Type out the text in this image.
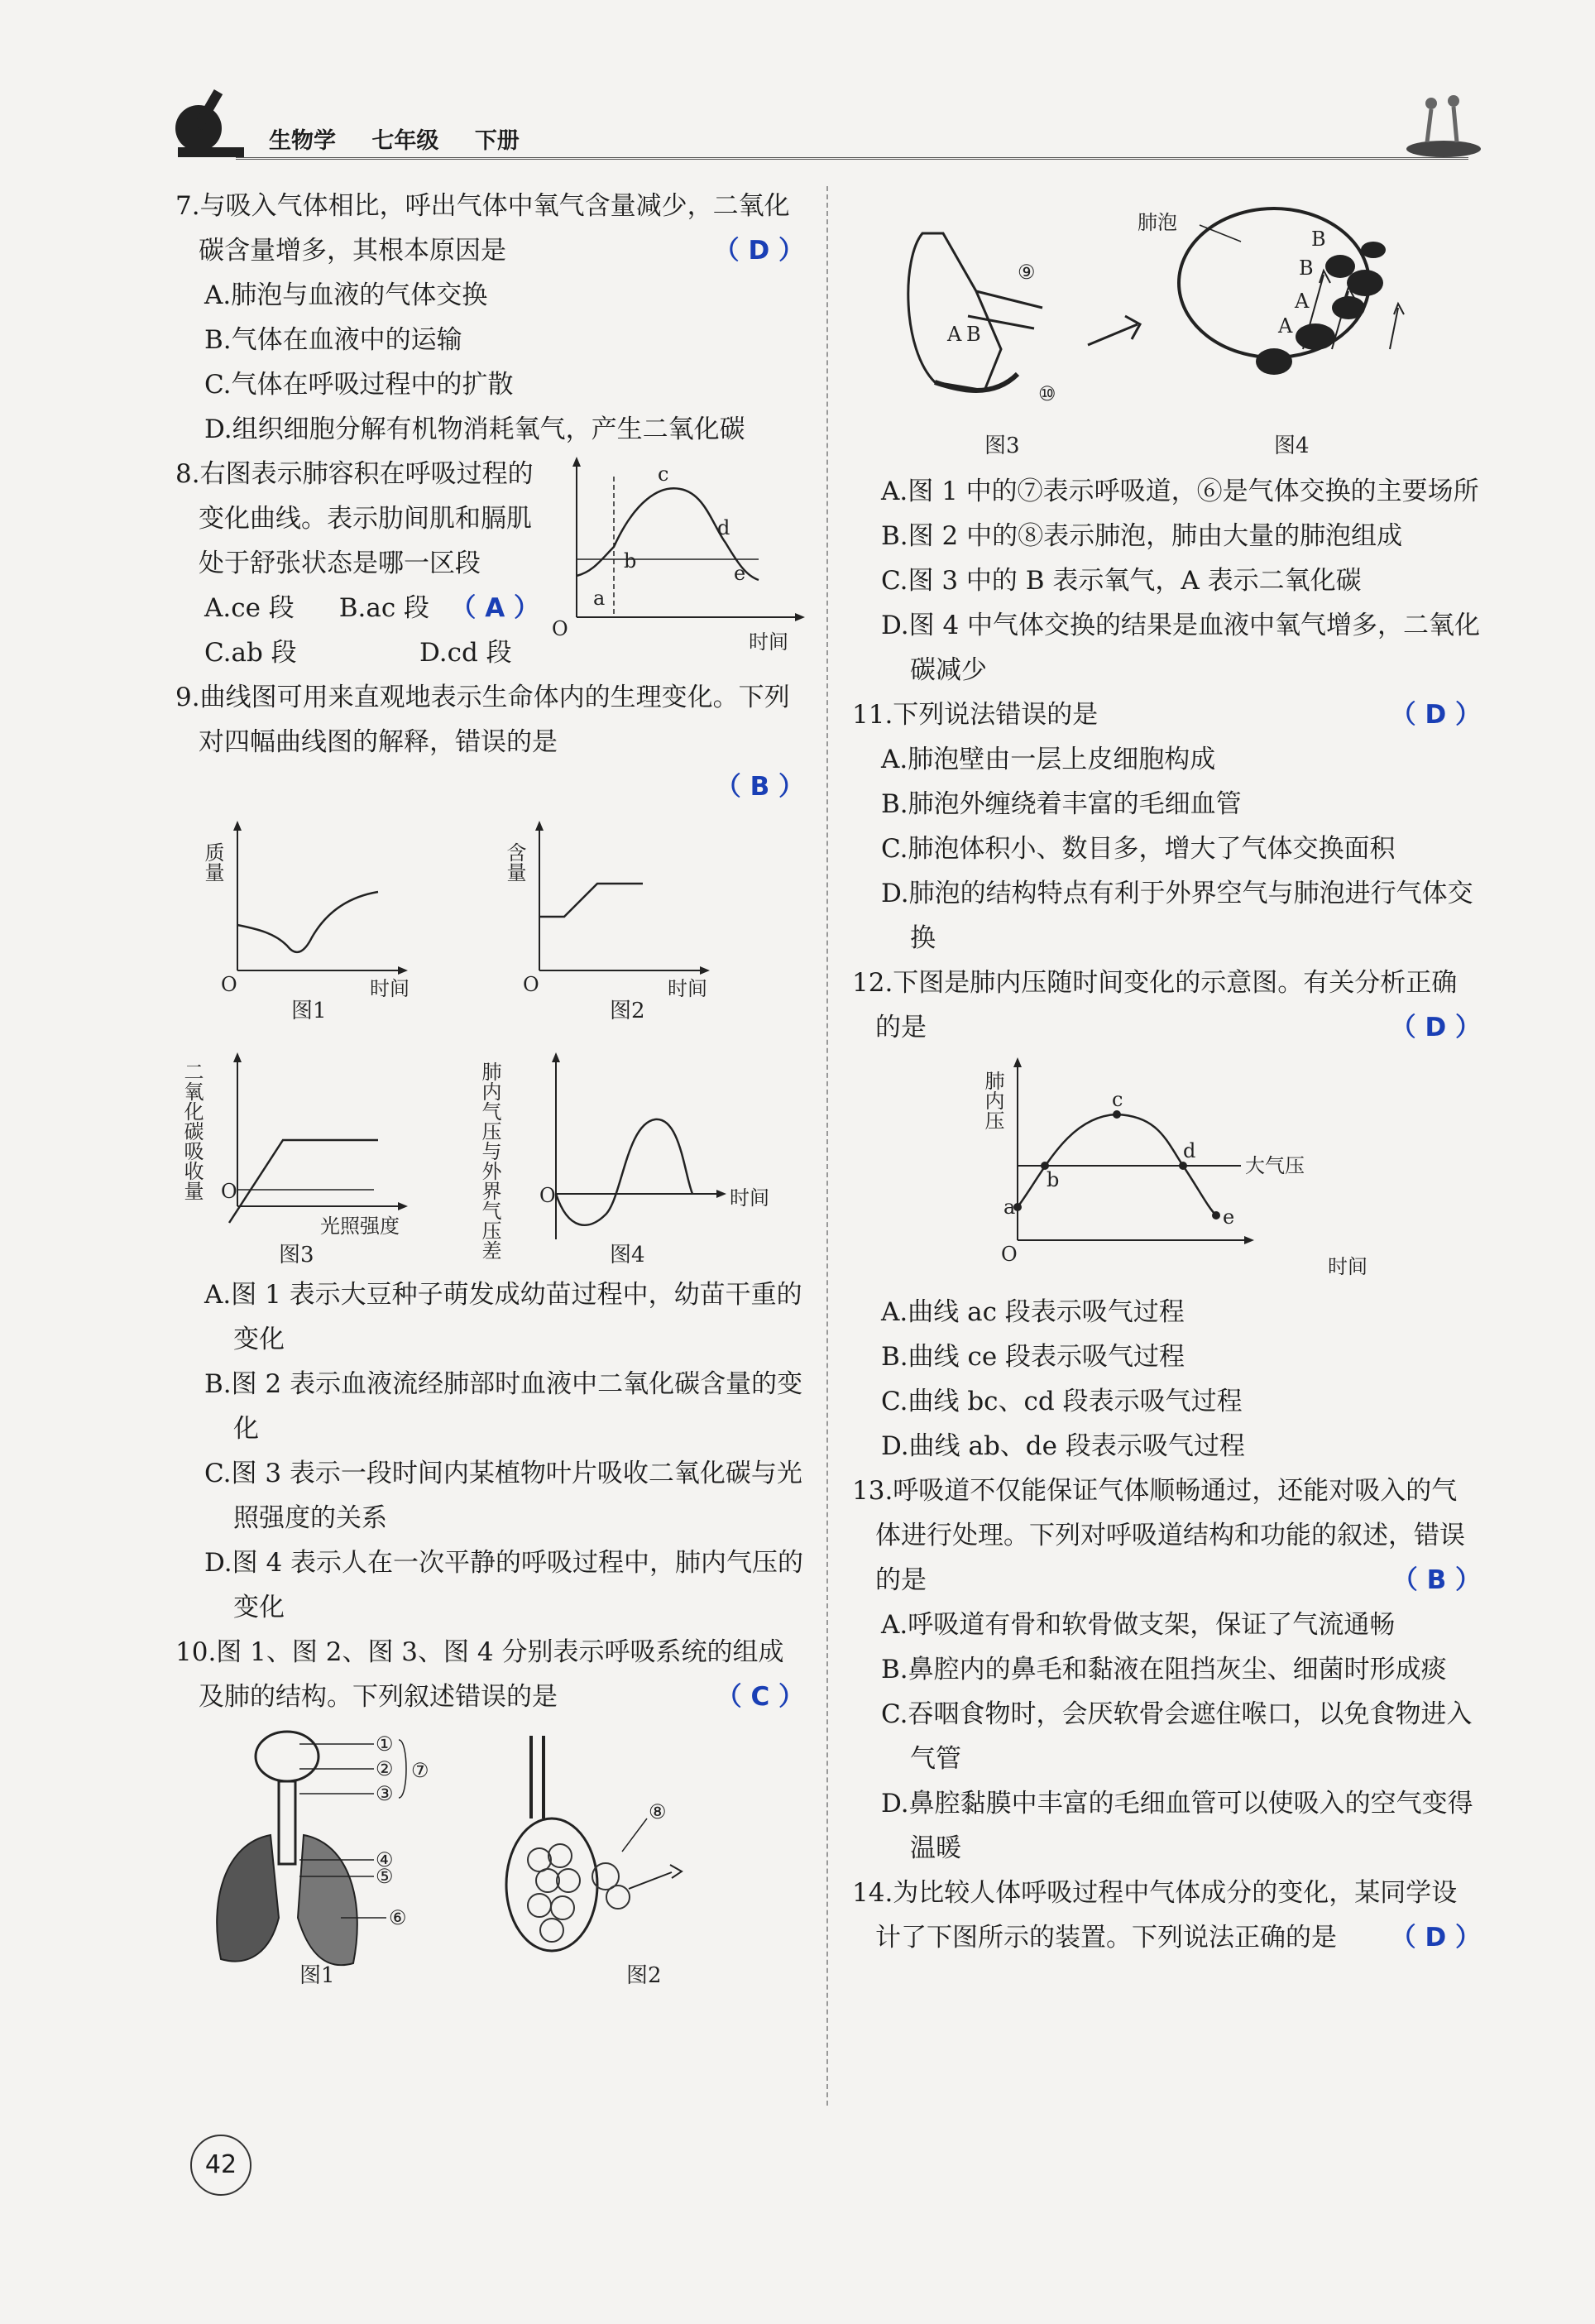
生物学 七年级 下册
7.与吸入气体相比，呼出气体中氧气含量减少，二氧化碳含量增多，其根本原因是	（ D ）
A.肺泡与血液的气体交换
B.气体在血液中的运输
C.气体在呼吸过程中的扩散
D.组织细胞分解有机物消耗氧气，产生二氧化碳
8.右图表示肺容积在呼吸过程的变化曲线。表示肋间肌和膈肌处于舒张状态是哪一区段
（ A ）
A.ce 段	B.ac 段
C.ab 段	D.cd 段
a
b
c
d
e
O
时间
9.曲线图可用来直观地表示生命体内的生理变化。下列对四幅曲线图的解释，错误的是
（ B ）
质量
O	时间
图1
含量
O	时间
图2
二氧化碳吸收量 O
光照强度
图3	肺内气压与外界气压差 O	时间
图4
A.图 1 表示大豆种子萌发成幼苗过程中，幼苗干重的变化
B.图 2 表示血液流经肺部时血液中二氧化碳含量的变化
C.图 3 表示一段时间内某植物叶片吸收二氧化碳与光照强度的关系
D.图 4 表示人在一次平静的呼吸过程中，肺内气压的变化
10.图 1、图 2、图 3、图 4 分别表示呼吸系统的组成及肺的结构。下列叙述错误的是	（ C ）
①
②
③
⑦
④
⑤
⑥
图1
⑧
图2
⑨
A B
⑩
图3
肺泡
B
B
A
A
图4
A.图 1 中的⑦表示呼吸道，⑥是气体交换的主要场所
B.图 2 中的⑧表示肺泡，肺由大量的肺泡组成
C.图 3 中的 B 表示氧气，A 表示二氧化碳
D.图 4 中气体交换的结果是血液中氧气增多，二氧化碳减少
11.下列说法错误的是	（ D ）
A.肺泡壁由一层上皮细胞构成
B.肺泡外缠绕着丰富的毛细血管
C.肺泡体积小、数目多，增大了气体交换面积
D.肺泡的结构特点有利于外界空气与肺泡进行气体交换
12.下图是肺内压随时间变化的示意图。有关分析正确的是	（ D ）
肺内压
a
b
c
d
e
大气压
O
时间
A.曲线 ac 段表示吸气过程
B.曲线 ce 段表示吸气过程
C.曲线 bc、cd 段表示吸气过程
D.曲线 ab、de 段表示吸气过程
13.呼吸道不仅能保证气体顺畅通过，还能对吸入的气体进行处理。下列对呼吸道结构和功能的叙述，错误的是	（ B ）
A.呼吸道有骨和软骨做支架，保证了气流通畅
B.鼻腔内的鼻毛和黏液在阻挡灰尘、细菌时形成痰
C.吞咽食物时，会厌软骨会遮住喉口，以免食物进入气管
D.鼻腔黏膜中丰富的毛细血管可以使吸入的空气变得温暖
14.为比较人体呼吸过程中气体成分的变化，某同学设计了下图所示的装置。下列说法正确的是 （ D ）
42
